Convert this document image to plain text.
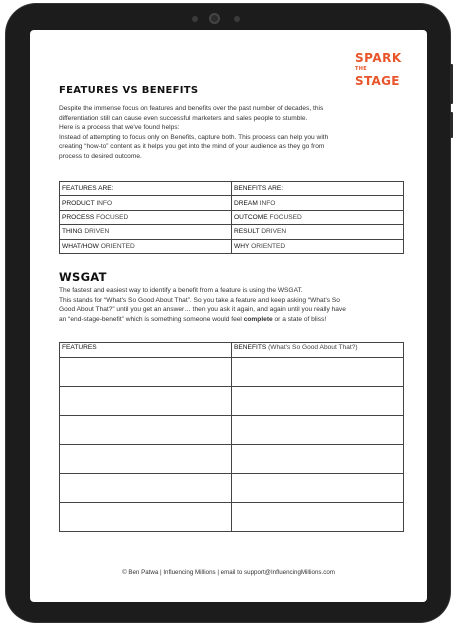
SPARK
THESTAGE
FEATURES VS BENEFITS

Despite the immense focus on features and benefits over the past number of decades, this

differentiation still can cause even successful marketers and sales people to stumble.

Here is a process that we've found helps:

Instead of attempting to focus only on Benefits, capture both. This process can help you with

creating “how-to” content as it helps you get into the mind of your audience as they go from

process to desired outcome.

FEATURES ARE:	BENEFITS ARE:
PRODUCT INFO	DREAM INFO
PROCESS FOCUSED	OUTCOME FOCUSED
THING DRIVEN	RESULT DRIVEN
WHAT/HOW ORIENTED	WHY ORIENTED
WSGAT

The fastest and easiest way to identify a benefit from a feature is using the WSGAT.

This stands for “What's So Good About That”. So you take a feature and keep asking “What's So

Good About That?” until you get an answer… then you ask it again, and again until you really have

an “end-stage-benefit” which is something someone would feel complete or a state of bliss!

FEATURES	BENEFITS (What's So Good About That?)

© Ben Patwa | Influencing Millions | email to support@InfluencingMillions.com
